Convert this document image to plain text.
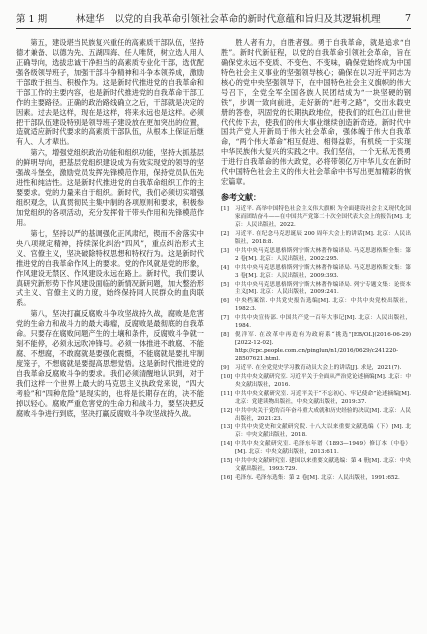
第 1 期	林建华 以党的自我革命引领社会革命的新时代意蕴和旨归及其逻辑机理	7

第五，建设堪当民族复兴重任的高素质干部队伍，坚持德才兼备、以德为先、五湖四海、任人唯贤，树立选人用人正确导向，选拔忠诚干净担当的高素质专业化干部，选优配强各级领导班子，加强干部斗争精神和斗争本领养成，激励干部敢于担当、积极作为。这是新时代推进党的自我革命和干部工作的主要内容，也是新时代推进党的自我革命干部工作的主要路径。正确的政治路线确立之后，干部就是决定的因素。过去是这样，现在是这样，将来永远也是这样。必须把干部队伍建设特别是领导班子建设放在更加突出的位置，造就适应新时代要求的高素质干部队伍，从根本上保证后继有人、人才辈出。

第六，增强党组织政治功能和组织功能，坚持大抓基层的鲜明导向，把基层党组织建设成为有效实现党的领导的坚强战斗堡垒，激励党员发挥先锋模范作用，保持党员队伍先进性和纯洁性。这是新时代推进党的自我革命组织工作的主要要求。党的力量来自于组织。新时代，我们必须切实增强组织观念，认真贯彻民主集中制的各项原则和要求，积极参加党组织的各项活动，充分发挥骨干带头作用和先锋模范作用。

第七，坚持以严的基调强化正风肃纪，锲而不舍落实中央八项规定精神，持续深化纠治“四风”，重点纠治形式主义、官僚主义，坚决破除特权思想和特权行为。这是新时代推进党的自我革命作风上的要求。党的作风就是党的形象，作风建设无禁区、作风建设永远在路上。新时代，我们要认真研究新形势下作风建设面临的新情况新问题，加大整治形式主义、官僚主义的力度，始终保持同人民群众的血肉联系。

第八，坚决打赢反腐败斗争攻坚战持久战，腐败是危害党的生命力和战斗力的最大毒瘤，反腐败是最彻底的自我革命。只要存在腐败问题产生的土壤和条件，反腐败斗争就一刻不能停，必须永远吹冲锋号。必须一体推进不敢腐、不能腐、不想腐，不敢腐就是要强化震慑，不能腐就是要扎牢制度笼子，不想腐就是要提高思想觉悟。这是新时代推进党的自我革命反腐败斗争的要求。我们必须清醒地认识到，对于我们这样一个世界上最大的马克思主义执政党来说，“四大考验”和“四种危险”是现实的，也将是长期存在的，决不能掉以轻心。腐败严重危害党的生命力和战斗力，要坚决把反腐败斗争进行到底，坚决打赢反腐败斗争攻坚战持久战。

胜人者有力，自胜者强。勇于自我革命，就是追求“自胜”。新时代新征程，以党的自我革命引领社会革命，旨在确保党永远不变质、不变色、不变味，确保党始终成为中国特色社会主义事业的坚强领导核心；确保在以习近平同志为核心的党中央坚强领导下，在中国特色社会主义旗帜的伟大号召下，全党全军全国各族人民团结成为“一块坚硬的钢铁”，步调一致向前进，走好新的“赶考之路”，交出永载史册的答卷，巩固党的长期执政地位，使我们的红色江山世世代代传下去，使我们的伟大事业继续创造新奇迹。新时代中国共产党人开新局于伟大社会革命，强体魄于伟大自我革命，“两个伟大革命”相互促进、相得益彰，有机统一于实现中华民族伟大复兴的实践之中。我们坚信，一个无私无畏勇于进行自我革命的伟大政党，必将带领亿万中华儿女在新时代中国特色社会主义的伟大社会革命中书写出更加精彩的恢宏篇章。

参考文献：
[1]	习近平. 高举中国特色社会主义伟大旗帜 为全面建设社会主义现代化国家而团结奋斗——在中国共产党第二十次全国代表大会上的报告[M]. 北京：人民出版社，2022.
[2]	习近平. 在纪念马克思诞辰 200 周年大会上的讲话[M]. 北京：人民出版社，2018:8.
[3]	中共中央马克思恩格斯列宁斯大林著作编译局. 马克思恩格斯全集：第 2 卷[M]. 北京：人民出版社，2002:295.
[4]	中共中央马克思恩格斯列宁斯大林著作编译局. 马克思恩格斯文集：第 3 卷[M]. 北京：人民出版社，2009:393.
[5]	中共中央马克思恩格斯列宁斯大林著作编译局. 列宁专题文集：论资本主义[M]. 北京：人民出版社，2009:241.
[6]	中央档案馆. 中共党史报告选编[M]. 北京：中共中央党校出版社，1982:3.
[7]	中共中央宣传部. 中国共产党一百年大事记[M]. 北京：人民出版社，1984.
[8]	倪洋军. 在改革中再造有为政府系“挑选”[EB/OL](2016-06-29)[2022-12-02]. http://cpc.people.com.cn/pinglun/n1/2016/0629/c241220-28507621.html.
[9]	习近平. 在全党党史学习教育动员大会上的讲话[J]. 求是，2021(7).
[10] 中共中央文献研究室. 习近平关于全面从严治党论述摘编[M]. 北京：中央文献出版社，2016.
[11] 中共中央文献研究室. 习近平关于“不忘初心、牢记使命”论述摘编[M]. 北京：党建读物出版社，中央文献出版社，2019:37.
[12] 中共中央关于党的百年奋斗重大成就和历史经验的决议[M]. 北京：人民出版社，2021:23.
[13] 中共中央党史和文献研究院. 十八大以来重要文献选编（下）[M]. 北京：中央文献出版社，2018.
[14] 中共中央文献研究室. 毛泽东年谱（1893—1949）修订本（中卷）[M]. 北京：中央文献出版社，2013:611.
[15] 中共中央文献研究室. 建国以来重要文献选编：第 4 册[M]. 北京：中央文献出版社，1993:729.
[16] 毛泽东. 毛泽东选集：第 2 卷[M]. 北京：人民出版社，1991:652.
